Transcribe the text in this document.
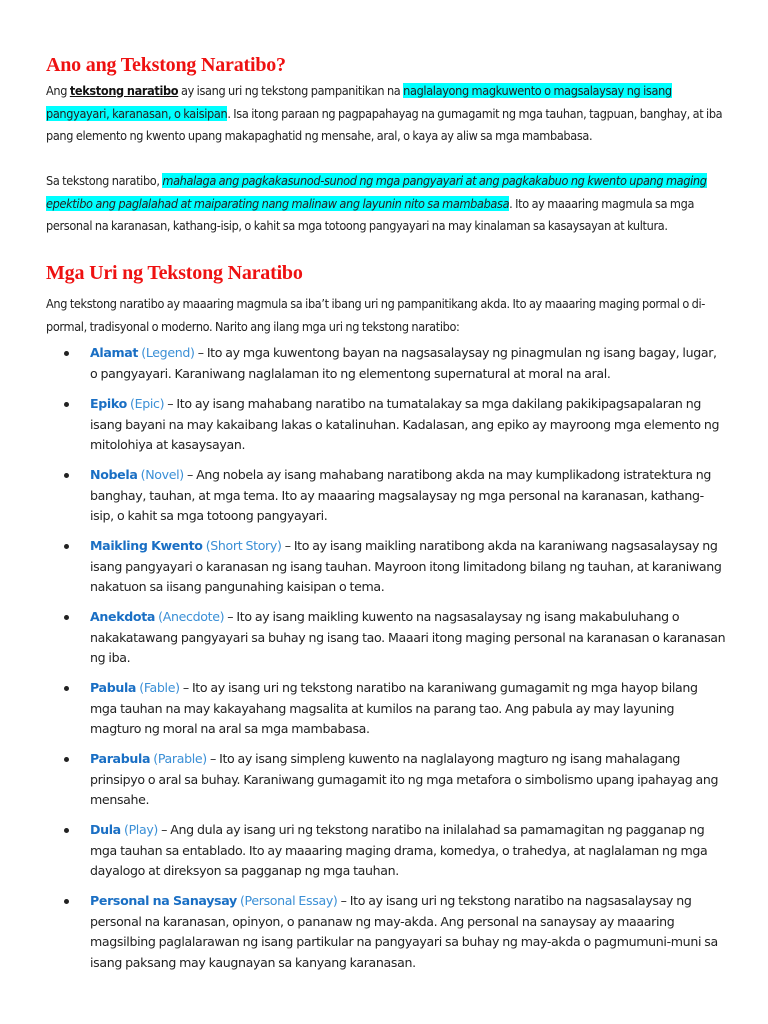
Ano ang Tekstong Naratibo?

Ang tekstong naratibo ay isang uri ng tekstong pampanitikan na naglalayong magkuwento o magsalaysay ng isang pangyayari, karanasan, o kaisipan. Isa itong paraan ng pagpapahayag na gumagamit ng mga tauhan, tagpuan, banghay, at iba pang elemento ng kwento upang makapaghatid ng mensahe, aral, o kaya ay aliw sa mga mambabasa.

Sa tekstong naratibo, mahalaga ang pagkakasunod-sunod ng mga pangyayari at ang pagkakabuo ng kwento upang maging epektibo ang paglalahad at maiparating nang malinaw ang layunin nito sa mambabasa. Ito ay maaaring magmula sa mga personal na karanasan, kathang-isip, o kahit sa mga totoong pangyayari na may kinalaman sa kasaysayan at kultura.

Mga Uri ng Tekstong Naratibo

Ang tekstong naratibo ay maaaring magmula sa iba’t ibang uri ng pampanitikang akda. Ito ay maaaring maging pormal o di-pormal, tradisyonal o moderno. Narito ang ilang mga uri ng tekstong naratibo:

Alamat (Legend) – Ito ay mga kuwentong bayan na nagsasalaysay ng pinagmulan ng isang bagay, lugar, o pangyayari. Karaniwang naglalaman ito ng elementong supernatural at moral na aral.
Epiko (Epic) – Ito ay isang mahabang naratibo na tumatalakay sa mga dakilang pakikipagsapalaran ng isang bayani na may kakaibang lakas o katalinuhan. Kadalasan, ang epiko ay mayroong mga elemento ng mitolohiya at kasaysayan.
Nobela (Novel) – Ang nobela ay isang mahabang naratibong akda na may kumplikadong istratektura ng banghay, tauhan, at mga tema. Ito ay maaaring magsalaysay ng mga personal na karanasan, kathang-isip, o kahit sa mga totoong pangyayari.
Maikling Kwento (Short Story) – Ito ay isang maikling naratibong akda na karaniwang nagsasalaysay ng isang pangyayari o karanasan ng isang tauhan. Mayroon itong limitadong bilang ng tauhan, at karaniwang nakatuon sa iisang pangunahing kaisipan o tema.
Anekdota (Anecdote) – Ito ay isang maikling kuwento na nagsasalaysay ng isang makabuluhang o nakakatawang pangyayari sa buhay ng isang tao. Maaari itong maging personal na karanasan o karanasan ng iba.
Pabula (Fable) – Ito ay isang uri ng tekstong naratibo na karaniwang gumagamit ng mga hayop bilang mga tauhan na may kakayahang magsalita at kumilos na parang tao. Ang pabula ay may layuning magturo ng moral na aral sa mga mambabasa.
Parabula (Parable) – Ito ay isang simpleng kuwento na naglalayong magturo ng isang mahalagang prinsipyo o aral sa buhay. Karaniwang gumagamit ito ng mga metafora o simbolismo upang ipahayag ang mensahe.
Dula (Play) – Ang dula ay isang uri ng tekstong naratibo na inilalahad sa pamamagitan ng pagganap ng mga tauhan sa entablado. Ito ay maaaring maging drama, komedya, o trahedya, at naglalaman ng mga dayalogo at direksyon sa pagganap ng mga tauhan.
Personal na Sanaysay (Personal Essay) – Ito ay isang uri ng tekstong naratibo na nagsasalaysay ng personal na karanasan, opinyon, o pananaw ng may-akda. Ang personal na sanaysay ay maaaring magsilbing paglalarawan ng isang partikular na pangyayari sa buhay ng may-akda o pagmumuni-muni sa isang paksang may kaugnayan sa kanyang karanasan.
